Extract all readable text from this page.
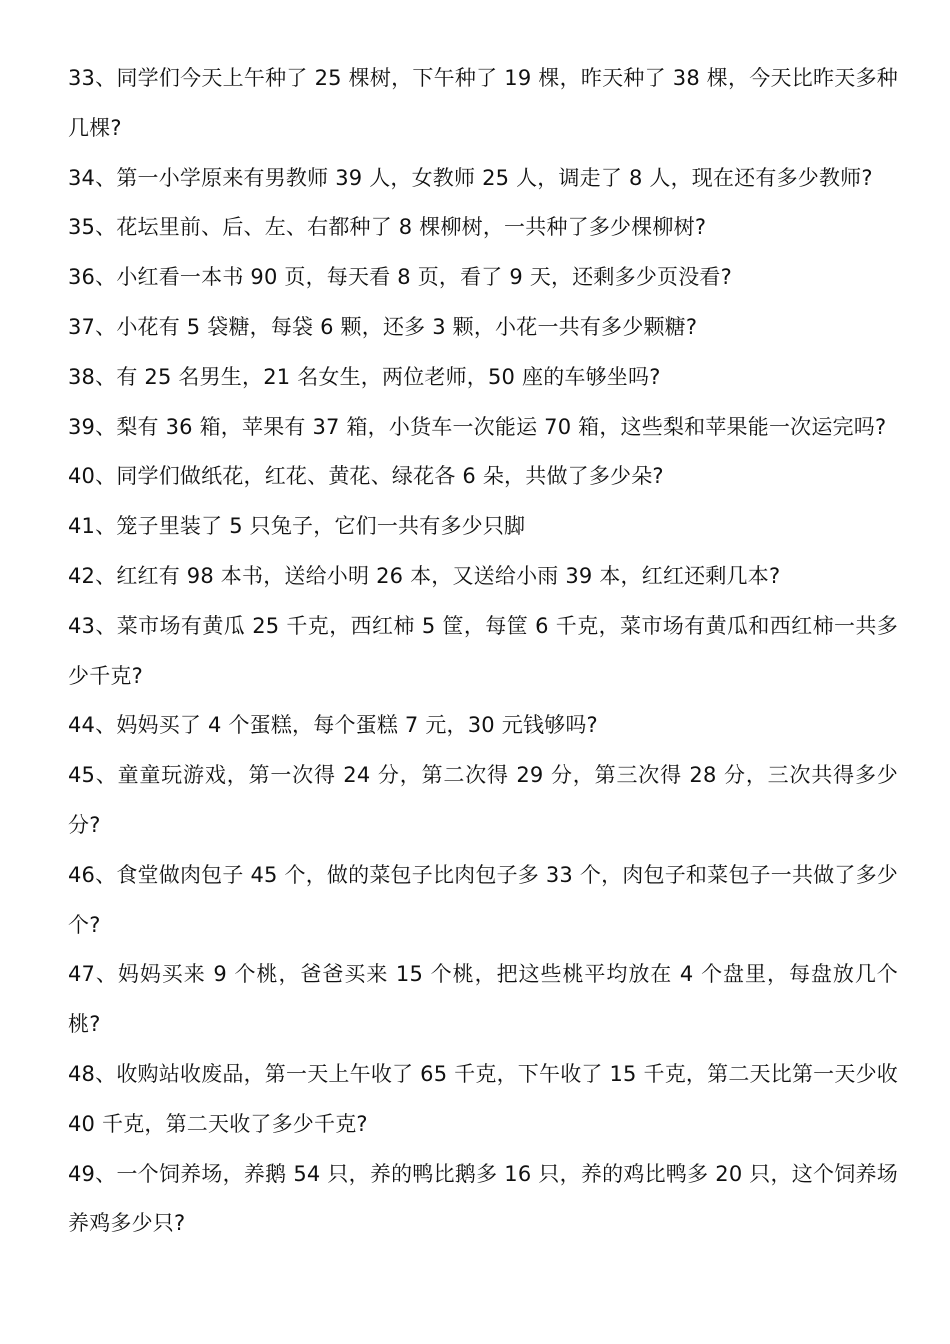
33、同学们今天上午种了 25 棵树，下午种了 19 棵，昨天种了 38 棵，今天比昨天多种几棵?
34、第一小学原来有男教师 39 人，女教师 25 人，调走了 8 人，现在还有多少教师?
35、花坛里前、后、左、右都种了 8 棵柳树，一共种了多少棵柳树?
36、小红看一本书 90 页，每天看 8 页，看了 9 天，还剩多少页没看?
37、小花有 5 袋糖，每袋 6 颗，还多 3 颗，小花一共有多少颗糖?
38、有 25 名男生，21 名女生，两位老师，50 座的车够坐吗?
39、梨有 36 箱，苹果有 37 箱，小货车一次能运 70 箱，这些梨和苹果能一次运完吗?
40、同学们做纸花，红花、黄花、绿花各 6 朵，共做了多少朵?
41、笼子里装了 5 只兔子，它们一共有多少只脚
42、红红有 98 本书，送给小明 26 本，又送给小雨 39 本，红红还剩几本?
43、菜市场有黄瓜 25 千克，西红柿 5 筐，每筐 6 千克，菜市场有黄瓜和西红柿一共多少千克?
44、妈妈买了 4 个蛋糕，每个蛋糕 7 元，30 元钱够吗?
45、童童玩游戏，第一次得 24 分，第二次得 29 分，第三次得 28 分，三次共得多少分?
46、食堂做肉包子 45 个，做的菜包子比肉包子多 33 个，肉包子和菜包子一共做了多少个?
47、妈妈买来 9 个桃，爸爸买来 15 个桃，把这些桃平均放在 4 个盘里，每盘放几个桃?
48、收购站收废品，第一天上午收了 65 千克，下午收了 15 千克，第二天比第一天少收 40 千克，第二天收了多少千克?
49、一个饲养场，养鹅 54 只，养的鸭比鹅多 16 只，养的鸡比鸭多 20 只，这个饲养场养鸡多少只?
